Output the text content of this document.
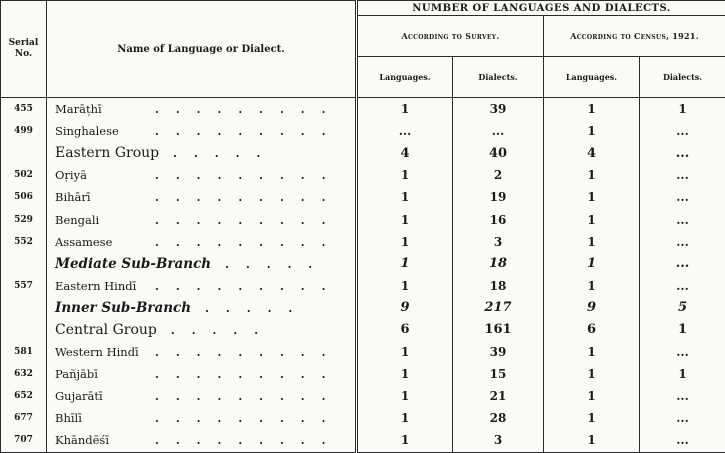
Serial No.	Name of Language or Dialect.	NUMBER OF LANGUAGES AND DIALECTS.			
		According to Survey.		According to Census, 1921.	
		Languages.	Dialects.	Languages.	Dialects.
455	Marāṭhī .........	1	39	1	1
499	Singhalese .........	...	...	1	...
	Eastern Group .....	4	40	4	...
502	Oṛiyā .........	1	2	1	...
506	Bihārī .........	1	19	1	...
529	Bengali .........	1	16	1	...
552	Assamese .........	1	3	1	...
	Mediate Sub-Branch .....	1	18	1	...
557	Eastern Hindī .........	1	18	1	...
	Inner Sub-Branch .....	9	217	9	5
	Central Group .....	6	161	6	1
581	Western Hindī .........	1	39	1	...
632	Pañjābī .........	1	15	1	1
652	Gujarātī .........	1	21	1	...
677	Bhīlī .........	1	28	1	...
707	Khāndēśī .........	1	3	1	...
